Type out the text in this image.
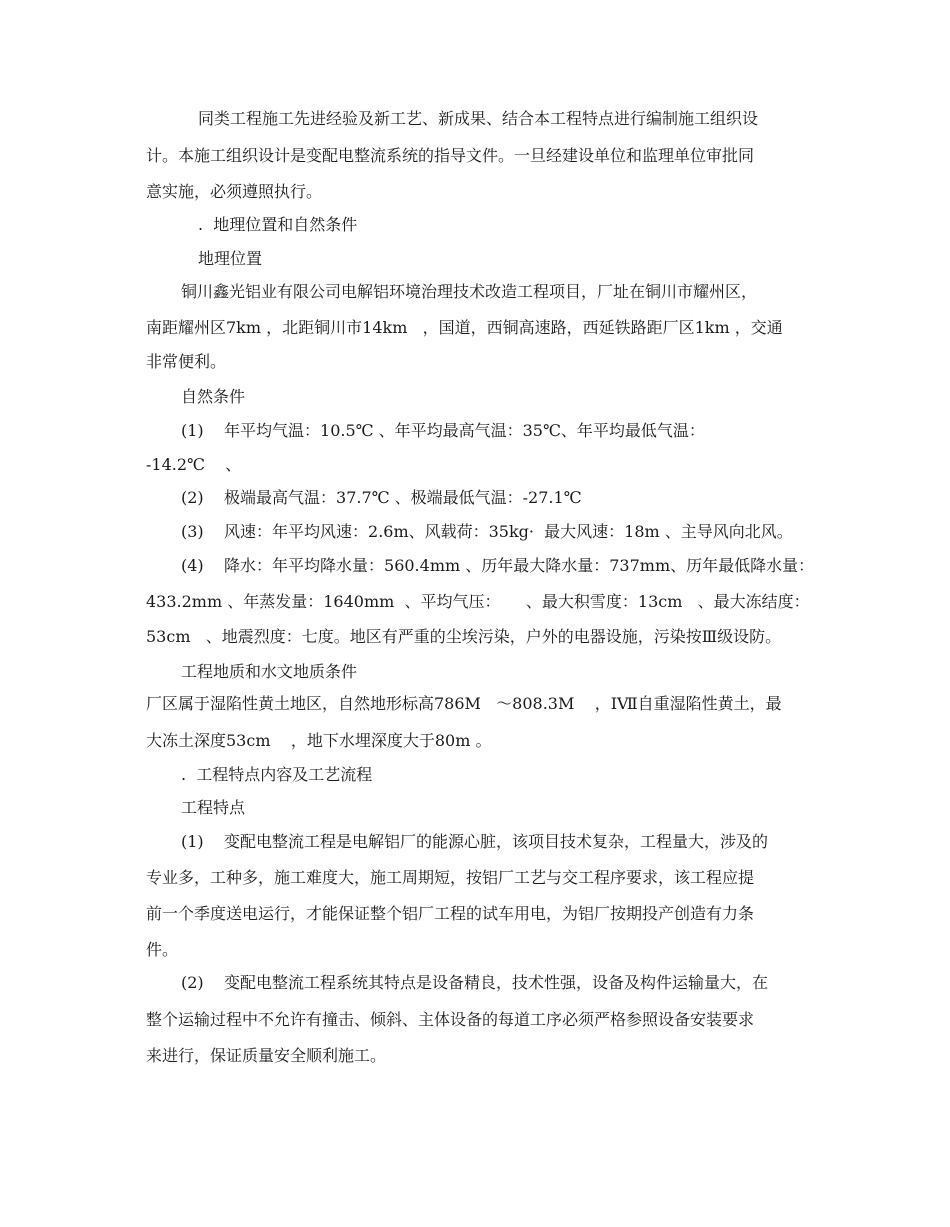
同类工程施工先进经验及新工艺、新成果、结合本工程特点进行编制施工组织设
计。本施工组织设计是变配电整流系统的指导文件。一旦经建设单位和监理单位审批同
意实施，必须遵照执行。
.  地理位置和自然条件
地理位置
铜川鑫光铝业有限公司电解铝环境治理技术改造工程项目，厂址在铜川市耀州区，
南距耀州区7km ，北距铜川市14km   ，国道，西铜高速路，西延铁路距厂区1km ，交通
非常便利。
自然条件
(1)    年平均气温：10.5℃ 、年平均最高气温：35℃、年平均最低气温：
-14.2℃    、
(2)    极端最高气温：37.7℃ 、极端最低气温：-27.1℃
(3)    风速：年平均风速：2.6m、风载荷：35kg·  最大风速：18m 、主导风向北风。
(4)    降水：年平均降水量：560.4mm 、历年最大降水量：737mm、历年最低降水量：
433.2mm 、年蒸发量：1640mm  、平均气压：     、最大积雪度：13cm   、最大冻结度：
53cm   、地震烈度：七度。地区有严重的尘埃污染，户外的电器设施，污染按Ⅲ级设防。
工程地质和水文地质条件
厂区属于湿陷性黄土地区，自然地形标高786M   ～808.3M    ，ⅠⅦ自重湿陷性黄土，最
大冻土深度53cm    ，地下水埋深度大于80m 。
.  工程特点内容及工艺流程
工程特点
(1)    变配电整流工程是电解铝厂的能源心脏，该项目技术复杂，工程量大，涉及的
专业多，工种多，施工难度大，施工周期短，按铝厂工艺与交工程序要求，该工程应提
前一个季度送电运行，才能保证整个铝厂工程的试车用电，为铝厂按期投产创造有力条
件。
(2)    变配电整流工程系统其特点是设备精良，技术性强，设备及构件运输量大，在
整个运输过程中不允许有撞击、倾斜、主体设备的每道工序必须严格参照设备安装要求
来进行，保证质量安全顺利施工。
